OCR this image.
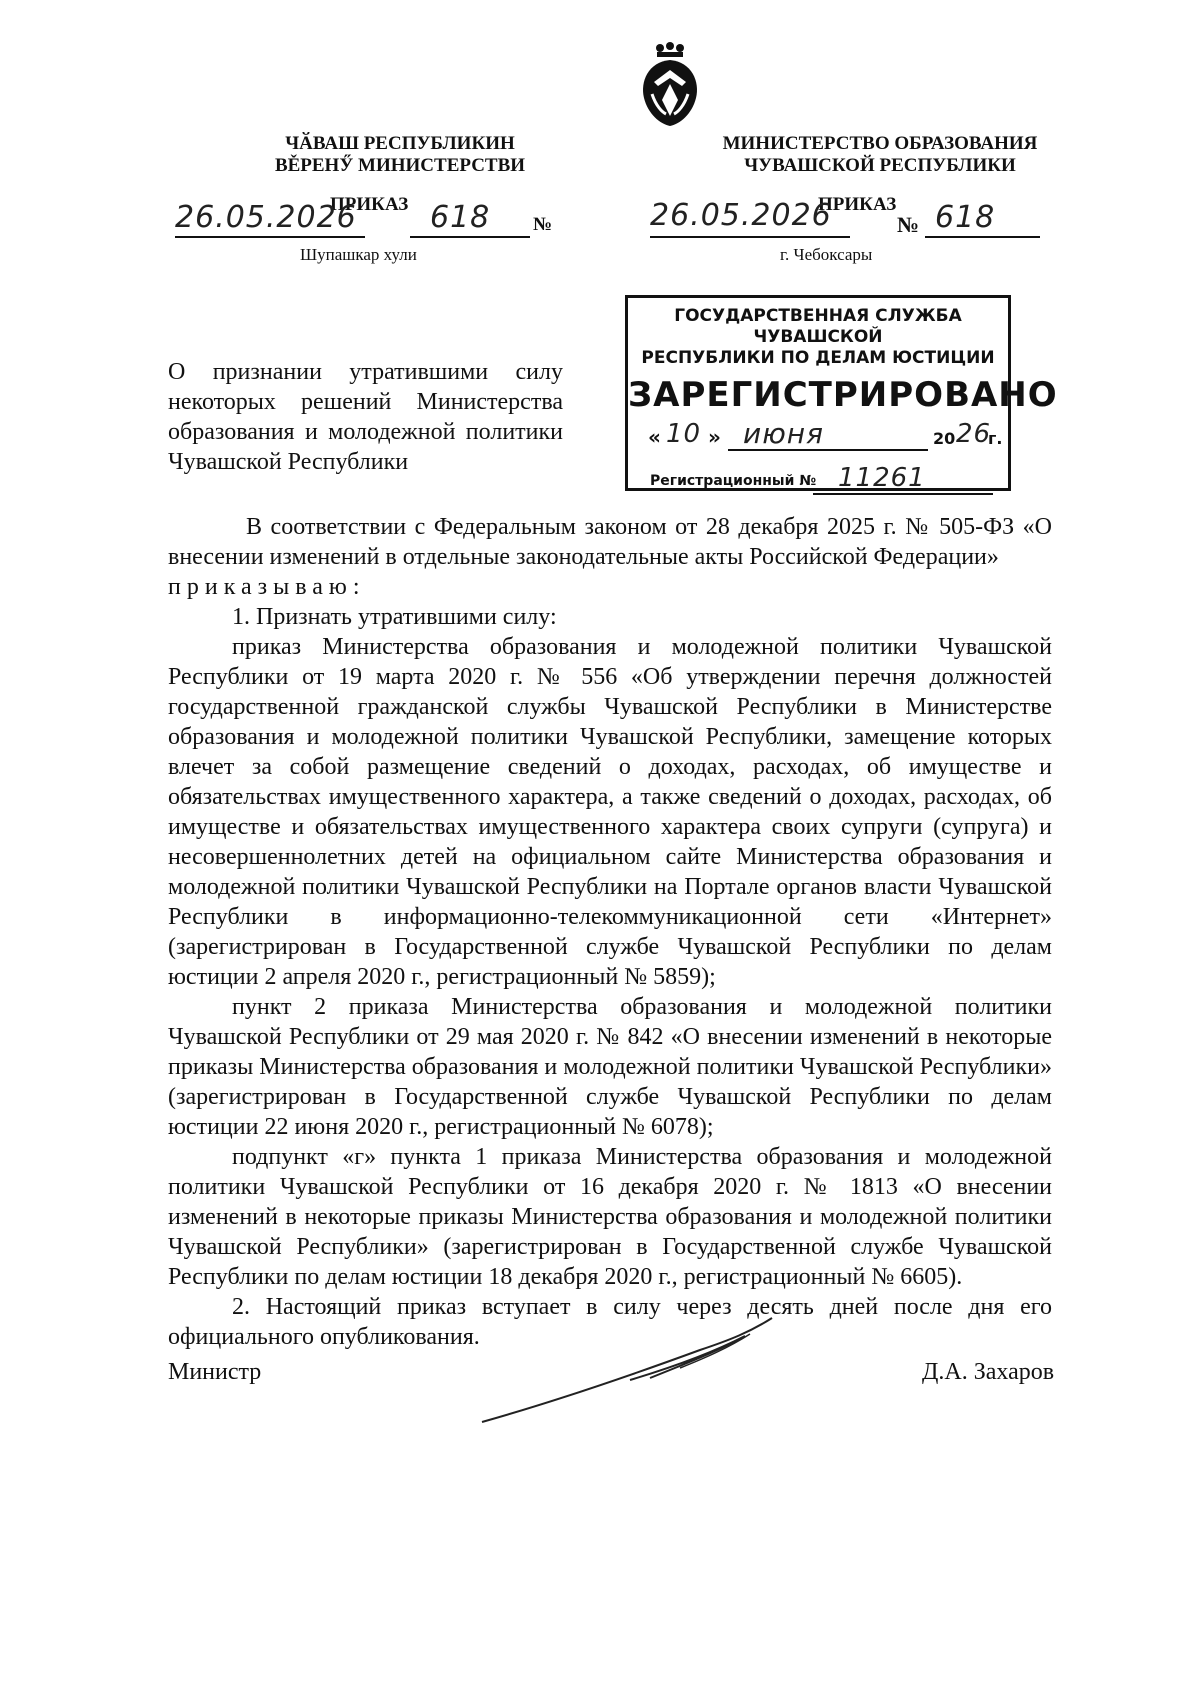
ЧӐВАШ РЕСПУБЛИКИН
ВĚРЕНӲ МИНИСТЕРСТВИ
МИНИСТЕРСТВО ОБРАЗОВАНИЯ
ЧУВАШСКОЙ РЕСПУБЛИКИ
ПРИКАЗ
26.05.2026 618 №
Шупашкар хули
ПРИКАЗ
26.05.2026	№ 618
г. Чебоксары
ГОСУДАРСТВЕННАЯ СЛУЖБА ЧУВАШСКОЙ
РЕСПУБЛИКИ ПО ДЕЛАМ ЮСТИЦИИ
ЗАРЕГИСТРИРОВАНО
« 10 » июня	20 26
г.
Регистрационный № 11261
О признании утратившими силу
некоторых решений Министерства
образования и молодежной политики
Чувашской Республики

В соответствии с Федеральным законом от 28 декабря 2025 г. № 505-ФЗ «О внесении изменений в отдельные законодательные акты Российской Федерации»

приказываю:

1. Признать утратившими силу:

приказ Министерства образования и молодежной политики Чувашской Республики от 19 марта 2020 г. № 556 «Об утверждении перечня должностей государственной гражданской службы Чувашской Республики в Министерстве образования и молодежной политики Чувашской Республики, замещение которых влечет за собой размещение сведений о доходах, расходах, об имуществе и обязательствах имущественного характера, а также сведений о доходах, расходах, об имуществе и обязательствах имущественного характера своих супруги (супруга) и несовершеннолетних детей на официальном сайте Министерства образования и молодежной политики Чувашской Республики на Портале органов власти Чувашской Республики в информационно-телекоммуникационной сети «Интернет» (зарегистрирован в Государственной службе Чувашской Республики по делам юстиции 2 апреля 2020 г., регистрационный № 5859);

пункт 2 приказа Министерства образования и молодежной политики Чувашской Республики от 29 мая 2020 г. № 842 «О внесении изменений в некоторые приказы Министерства образования и молодежной политики Чувашской Республики» (зарегистрирован в Государственной службе Чувашской Республики по делам юстиции 22 июня 2020 г., регистрационный № 6078);

подпункт «г» пункта 1 приказа Министерства образования и молодежной политики Чувашской Республики от 16 декабря 2020 г. № 1813 «О внесении изменений в некоторые приказы Министерства образования и молодежной политики Чувашской Республики» (зарегистрирован в Государственной службе Чувашской Республики по делам юстиции 18 декабря 2020 г., регистрационный № 6605).

2. Настоящий приказ вступает в силу через десять дней после дня его официального опубликования.

Министр	Д.А. Захаров
